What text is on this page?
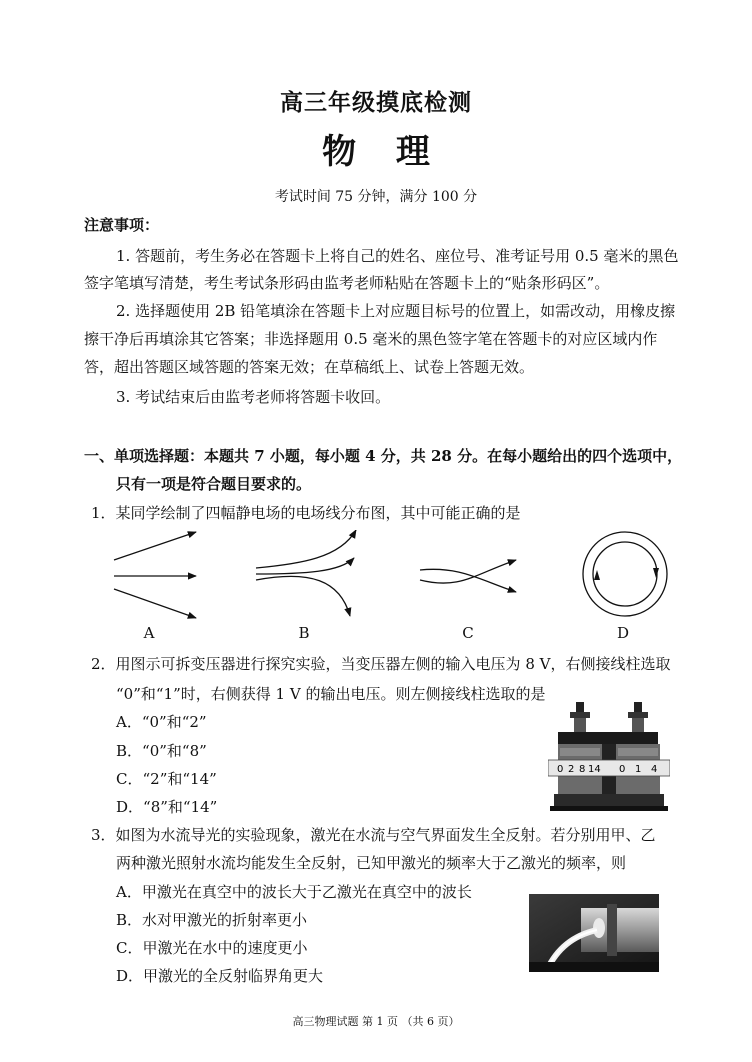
高三年级摸底检测
物 理
考试时间 75 分钟，满分 100 分
注意事项：
1. 答题前，考生务必在答题卡上将自己的姓名、座位号、准考证号用 0.5 毫米的黑色
签字笔填写清楚，考生考试条形码由监考老师粘贴在答题卡上的“贴条形码区”。
2. 选择题使用 2B 铅笔填涂在答题卡上对应题目标号的位置上，如需改动，用橡皮擦
擦干净后再填涂其它答案；非选择题用 0.5 毫米的黑色签字笔在答题卡的对应区域内作
答，超出答题区域答题的答案无效；在草稿纸上、试卷上答题无效。
3. 考试结束后由监考老师将答题卡收回。
一、单项选择题：本题共 7 小题，每小题 4 分，共 28 分。在每小题给出的四个选项中，
只有一项是符合题目要求的。
1．某同学绘制了四幅静电场的电场线分布图，其中可能正确的是
A	B	C	D
2．用图示可拆变压器进行探究实验，当变压器左侧的输入电压为 8 V，右侧接线柱选取
“0”和“1”时，右侧获得 1 V 的输出电压。则左侧接线柱选取的是
A．“0”和“2”
B．“0”和“8”
C．“2”和“14”
D．“8”和“14”
0 2 8 14 0 1 4
3．如图为水流导光的实验现象，激光在水流与空气界面发生全反射。若分别用甲、乙
两种激光照射水流均能发生全反射，已知甲激光的频率大于乙激光的频率，则
A．甲激光在真空中的波长大于乙激光在真空中的波长
B．水对甲激光的折射率更小
C．甲激光在水中的速度更小
D．甲激光的全反射临界角更大
高三物理试题 第 1 页 （共 6 页）
